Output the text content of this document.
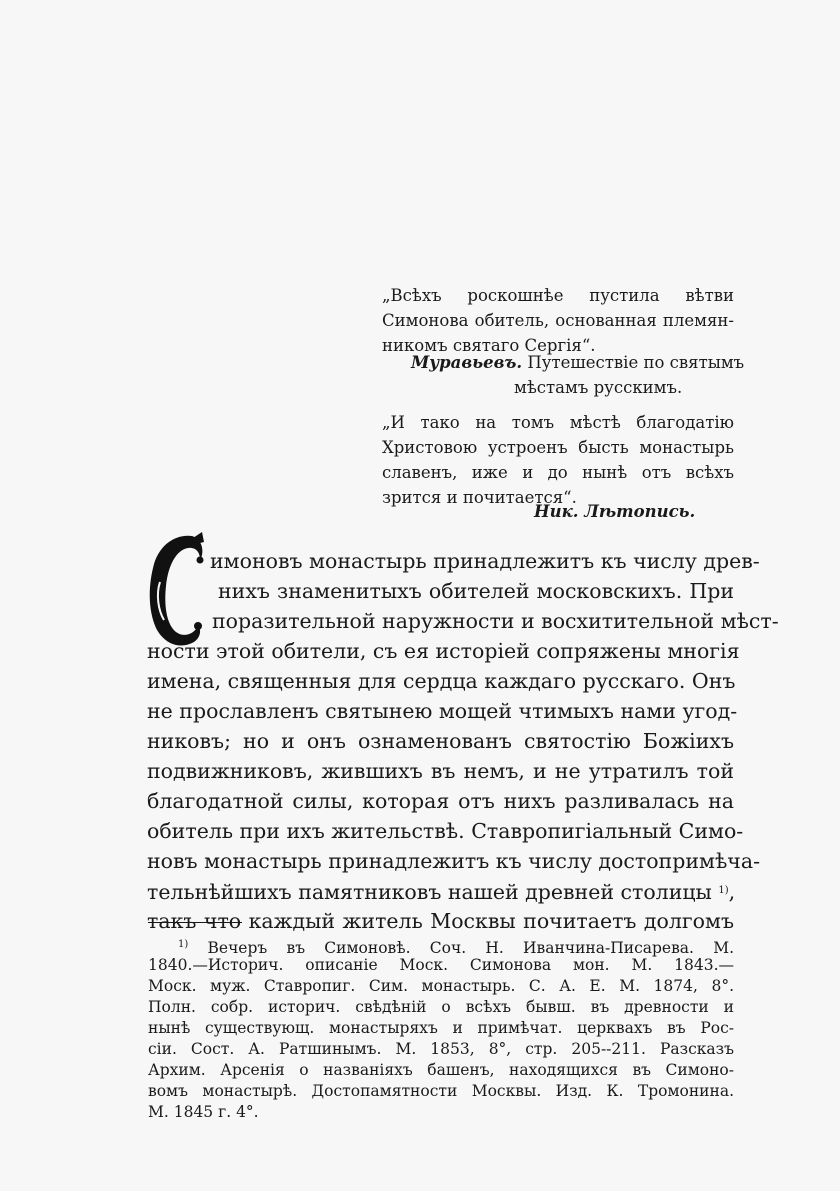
„Всѣхъ роскошнѣе пустила вѣтви
Симонова обитель, основанная племян-
никомъ святаго Сергія“.
Муравьевъ. Путешествіе по святымъ
мѣстамъ русскимъ.
„И тако на томъ мѣстѣ благодатію
Христовою устроенъ бысть монастырь
славенъ, иже и до нынѣ отъ всѣхъ
зрится и почитается“.
Ник. Лѣтопись.
имоновъ монастырь принадлежитъ къ числу древ-
нихъ знаменитыхъ обителей московскихъ. При
поразительной наружности и восхитительной мѣст-
ности этой обители, съ ея исторіей сопряжены многія
имена, священныя для сердца каждаго русскаго. Онъ
не прославленъ святынею мощей чтимыхъ нами угод-
никовъ; но и онъ ознаменованъ святостію Божіихъ
подвижниковъ, жившихъ въ немъ, и не утратилъ той
благодатной силы, которая отъ нихъ разливалась на
обитель при ихъ жительствѣ. Ставропигіальный Симо-
новъ монастырь принадлежитъ къ числу достопримѣча-
тельнѣйшихъ памятниковъ нашей древней столицы $^{1)}$,
такъ что каждый житель Москвы почитаетъ долгомъ
$^{1)}$ Вечеръ въ Симоновѣ. Соч. Н. Иванчина-Писарева. М.
1840.—Историч. описаніе Моск. Симонова мон. М. 1843.—
Моск. муж. Ставропиг. Сим. монастырь. С. А. Е. М. 1874, 8°.
Полн. собр. историч. свѣдѣній о всѣхъ бывш. въ древности и
нынѣ существующ. монастыряхъ и примѣчат. церквахъ въ Рос-
сіи. Сост. А. Ратшинымъ. М. 1853, 8°, стр. 205--211. Разсказъ
Архим. Арсенія о названіяхъ башенъ, находящихся въ Симоно-
вомъ монастырѣ. Достопамятности Москвы. Изд. К. Тромонина.
М. 1845 г. 4°.
